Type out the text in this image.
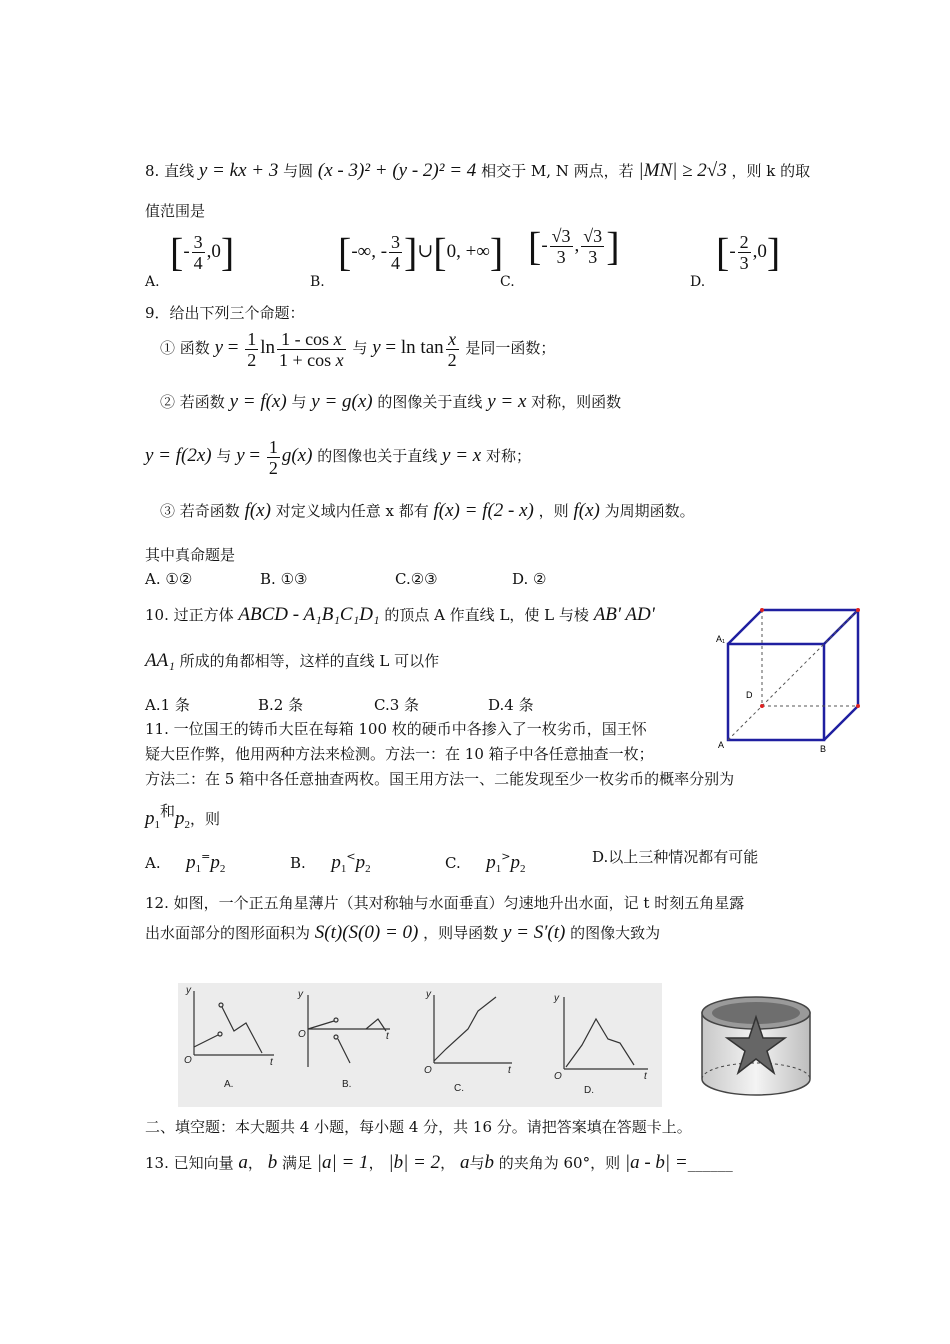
8. 直线 y = kx + 3 与圆 (x - 3)² + (y - 2)² = 4 相交于 M, N 两点，若 |MN| ≥ 2√3 ，则 k 的取
值范围是
A.
[- $\frac{3}{4} ,0$]
B.
[-∞, - $\frac{3}{4}$ ]∪[0, +∞]
C.
[- $\frac{√3}{3}$ , $\frac{√3}{3}$ ]
D.
[- $\frac{2}{3} ,0$]
9．给出下列三个命题：
① 函数 $y = \frac{1}{2}$ $\ln \frac{\text{1 - cos x}}{\text{1 + cos x}}$ 与 $y = \ln \tan \frac{x}{2}$ 是同一函数；
② 若函数 y = f(x) 与 y = g(x) 的图像关于直线 y = x 对称，则函数
y = f(2x) 与 $y = \frac{1}{2} g(x)$ 的图像也关于直线 y = x 对称；
③ 若奇函数 f(x) 对定义域内任意 x 都有 f(x) = f(2 - x) ，则 f(x) 为周期函数。
其中真命题是
A. ①②	B. ①③	C.②③	D. ②
10. 过正方体 ABCD - A₁B₁C₁D₁ 的顶点 A 作直线 L，使 L 与棱 AB' AD'
AA₁ 所成的角都相等，这样的直线 L 可以作
A.1 条	B.2 条	C.3 条	D.4 条
A₁
D
A	B
11. 一位国王的铸币大臣在每箱 100 枚的硬币中各掺入了一枚劣币，国王怀
疑大臣作弊，他用两种方法来检测。方法一：在 10 箱子中各任意抽查一枚；
方法二：在 5 箱中各任意抽查两枚。国王用方法一、二能发现至少一枚劣币的概率分别为
$p_1$和$p_2$，则
A. $p_1^=p_2$	B. $p_1^<p_2$	C. $p_1^>p_2$
D.以上三种情况都有可能
12. 如图，一个正五角星薄片（其对称轴与水面垂直）匀速地升出水面，记 t 时刻五角星露
出水面部分的图形面积为 S(t)(S(0) = 0) ，则导函数 y = S′(t) 的图像大致为
y
t
O
A.
y
t
O
B.
y
t
O
C.
y
t
O
D.
二、填空题：本大题共 4 小题，每小题 4 分，共 16 分。请把答案填在答题卡上。
13. 已知向量 a， b 满足 |a| = 1， |b| = 2， a与b 的夹角为 60°，则 |a - b| =______
